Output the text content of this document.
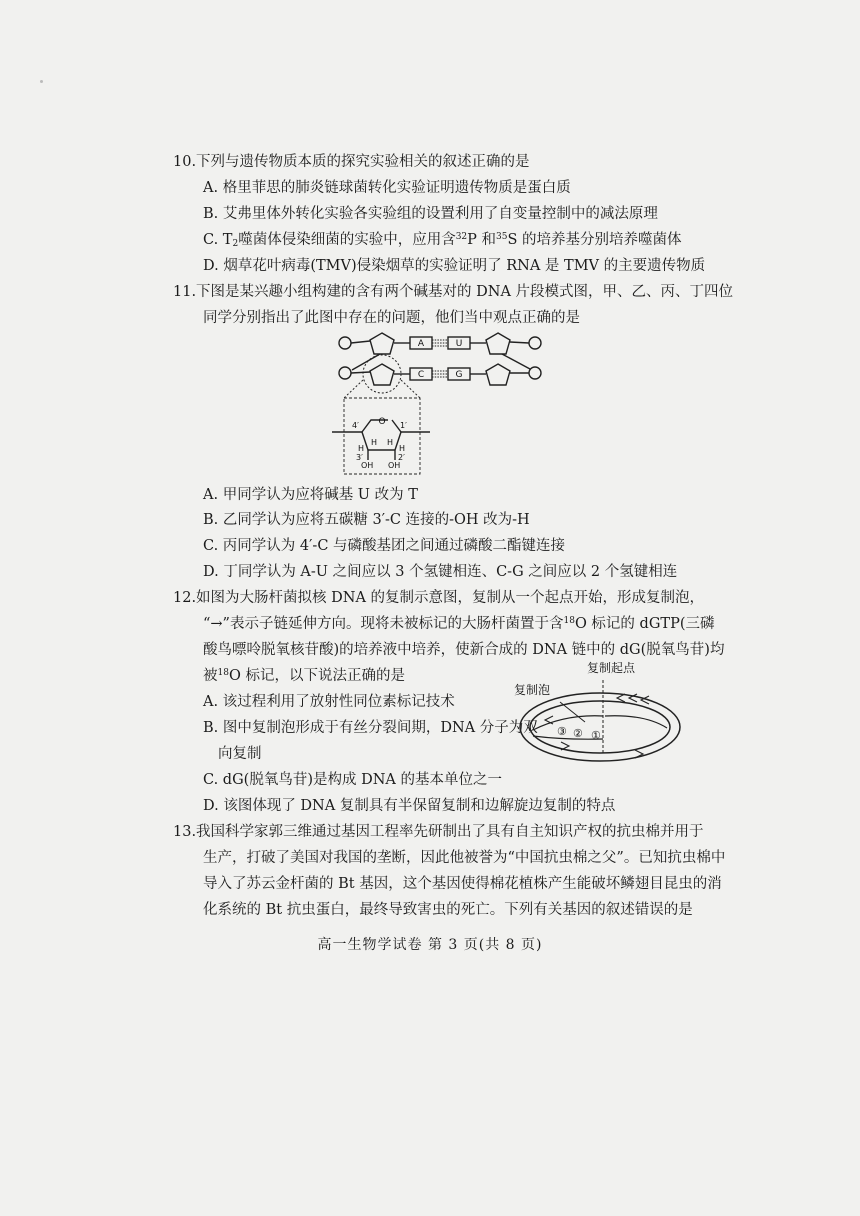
10.下列与遗传物质本质的探究实验相关的叙述正确的是
A. 格里菲思的肺炎链球菌转化实验证明遗传物质是蛋白质
B. 艾弗里体外转化实验各实验组的设置利用了自变量控制中的减法原理
C. $T_2$噬菌体侵染细菌的实验中，应用含$^{32}$P 和$^{35}$S 的培养基分别培养噬菌体
D. 烟草花叶病毒(TMV)侵染烟草的实验证明了 RNA 是 TMV 的主要遗传物质
11.下图是某兴趣小组构建的含有两个碱基对的 DNA 片段模式图，甲、乙、丙、丁四位
同学分别指出了此图中存在的问题，他们当中观点正确的是
A	U
C	G
O
4′	1′
H H
H	H
3′	2′
OH OH
A. 甲同学认为应将碱基 U 改为 T
B. 乙同学认为应将五碳糖 3′-C 连接的-OH 改为-H
C. 丙同学认为 4′-C 与磷酸基团之间通过磷酸二酯键连接
D. 丁同学认为 A-U 之间应以 3 个氢键相连、C-G 之间应以 2 个氢键相连
12.如图为大肠杆菌拟核 DNA 的复制示意图，复制从一个起点开始，形成复制泡，
“→”表示子链延伸方向。现将未被标记的大肠杆菌置于含$^{18}$O 标记的 dGTP(三磷
酸鸟嘌呤脱氧核苷酸)的培养液中培养，使新合成的 DNA 链中的 dG(脱氧鸟苷)均
被$^{18}$O 标记，以下说法正确的是
A. 该过程利用了放射性同位素标记技术
B. 图中复制泡形成于有丝分裂间期，DNA 分子为双
向复制
C. dG(脱氧鸟苷)是构成 DNA 的基本单位之一
D. 该图体现了 DNA 复制具有半保留复制和边解旋边复制的特点
复制起点
复制泡
③ ② ①
13.我国科学家郭三维通过基因工程率先研制出了具有自主知识产权的抗虫棉并用于
生产，打破了美国对我国的垄断，因此他被誉为“中国抗虫棉之父”。已知抗虫棉中
导入了苏云金杆菌的 Bt 基因，这个基因使得棉花植株产生能破坏鳞翅目昆虫的消
化系统的 Bt 抗虫蛋白，最终导致害虫的死亡。下列有关基因的叙述错误的是
高一生物学试卷 第 3 页(共 8 页)
